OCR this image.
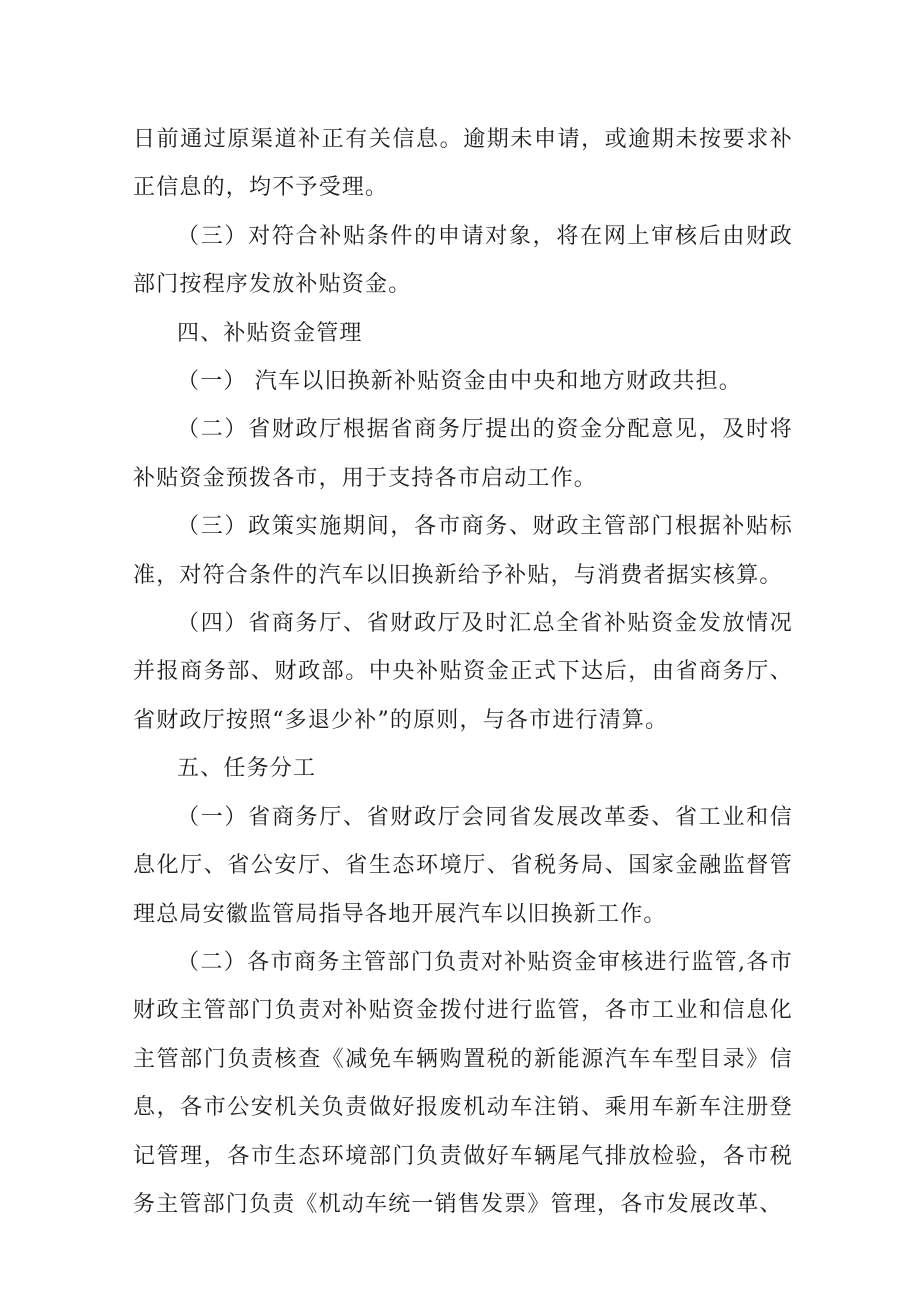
日前通过原渠道补正有关信息。逾期未申请，或逾期未按要求补正信息的，均不予受理。

（三）对符合补贴条件的申请对象，将在网上审核后由财政部门按程序发放补贴资金。

四、补贴资金管理

（一） 汽车以旧换新补贴资金由中央和地方财政共担。

（二）省财政厅根据省商务厅提出的资金分配意见，及时将补贴资金预拨各市，用于支持各市启动工作。

（三）政策实施期间，各市商务、财政主管部门根据补贴标准，对符合条件的汽车以旧换新给予补贴，与消费者据实核算。

（四）省商务厅、省财政厅及时汇总全省补贴资金发放情况并报商务部、财政部。中央补贴资金正式下达后，由省商务厅、省财政厅按照“多退少补”的原则，与各市进行清算。

五、任务分工

（一）省商务厅、省财政厅会同省发展改革委、省工业和信息化厅、省公安厅、省生态环境厅、省税务局、国家金融监督管理总局安徽监管局指导各地开展汽车以旧换新工作。

（二）各市商务主管部门负责对补贴资金审核进行监管,各市财政主管部门负责对补贴资金拨付进行监管，各市工业和信息化主管部门负责核查《减免车辆购置税的新能源汽车车型目录》信息，各市公安机关负责做好报废机动车注销、乘用车新车注册登记管理，各市生态环境部门负责做好车辆尾气排放检验，各市税务主管部门负责《机动车统一销售发票》管理，各市发展改革、
